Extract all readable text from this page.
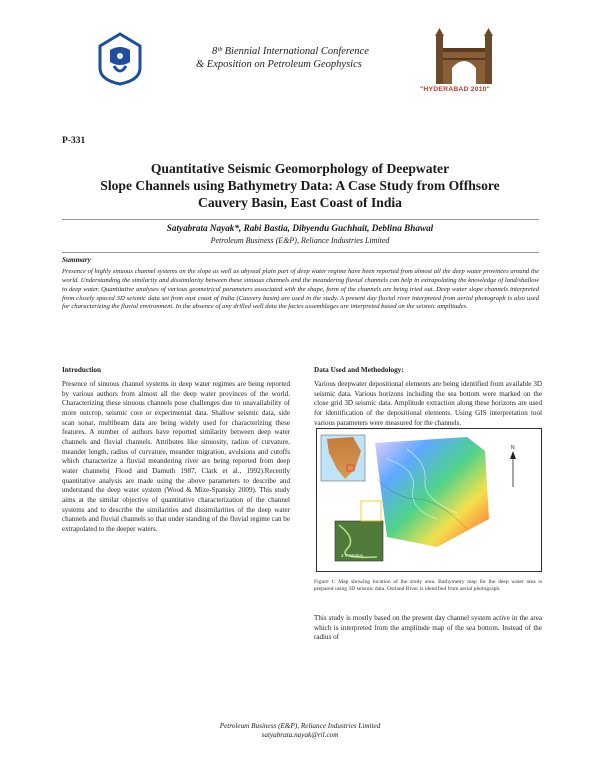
8ᵗʰ Biennial International Conference
& Exposition on Petroleum Geophysics
"HYDERABAD 2010"
P-331
Quantitative Seismic Geomorphology of Deepwater
Slope Channels using Bathymetry Data: A Case Study from Offhsore
Cauvery Basin, East Coast of India
Satyabrata Nayak*, Rabi Bastia, Dibyendu Guchhait, Deblina Bhawal
Petroleum Business (E&P), Reliance Industries Limited
Summary
Presence of highly sinuous channel systems on the slope as well as abyssal plain part of deep water regime have been reported from almost all the deep water provinces around the world. Understanding the similarity and dissimilarity between these sinuous channels and the meandering fluvial channels can help in extrapolating the knowledge of land/shallow to deep water. Quantitative analyses of various geometrical parameters associated with the shape, form of the channels are being tried out. Deep water slope channels interpreted from closely spaced 3D seismic data set from east coast of India (Cauvery basin) are used in the study. A present day fluvial river interpreted from aerial photograph is also used for characterizing the fluvial environment. In the absence of any drilled well data the facies assemblages are interpreted based on the seismic amplitudes.
Introduction
Presence of sinuous channel systems in deep water regimes are being reported by various authors from almost all the deep water provinces of the world. Characterizing these sinuous channels pose challenges due to unavailability of more outcrop, seismic core or experimental data. Shallow seismic data, side scan sonar, multibeam data are being widely used for characterizing these features. A number of authors have reported similarity between deep water channels and fluvial channels. Attributes like sinuosity, radius of curvature, meander length, radius of curvature, meander migration, avulsions and cutoffs which characterize a fluvial meandering river are being reported from deep water channels( Flood and Damuth 1987, Clark et al., 1992).Recently quantitative analysis are made using the above parameters to describe and understand the deep water system (Wood & Mize-Spansky 2009). This study aims at the similar objective of quantitative characterization of the channel systems and to describe the similarities and dissimilarities of the deep water channels and fluvial channels so that under standing of the fluvial regime can be extrapolated to the deeper waters.
Data Used and Methodology:
Various deepwater depositional elements are being identified from available 3D seismic data. Various horizons including the sea bottom were marked on the close grid 3D seismic data. Amplitude extraction along these horizons are used for identification of the depositional elements. Using GIS interpretation tool various parameters were measured for the channels.
3 V Station
N
Figure 1: Map showing location of the study area. Bathymetry map for the deep water area is prepared using 3D seismic data. Ostland River is identified from aerial photograph.
This study is mostly based on the present day channel system active in the area which is interpreted from the amplitude map of the sea bottom. Instead of the radius of
Petroleum Business (E&P), Reliance Industries Limited
satyabrata.nayak@ril.com
